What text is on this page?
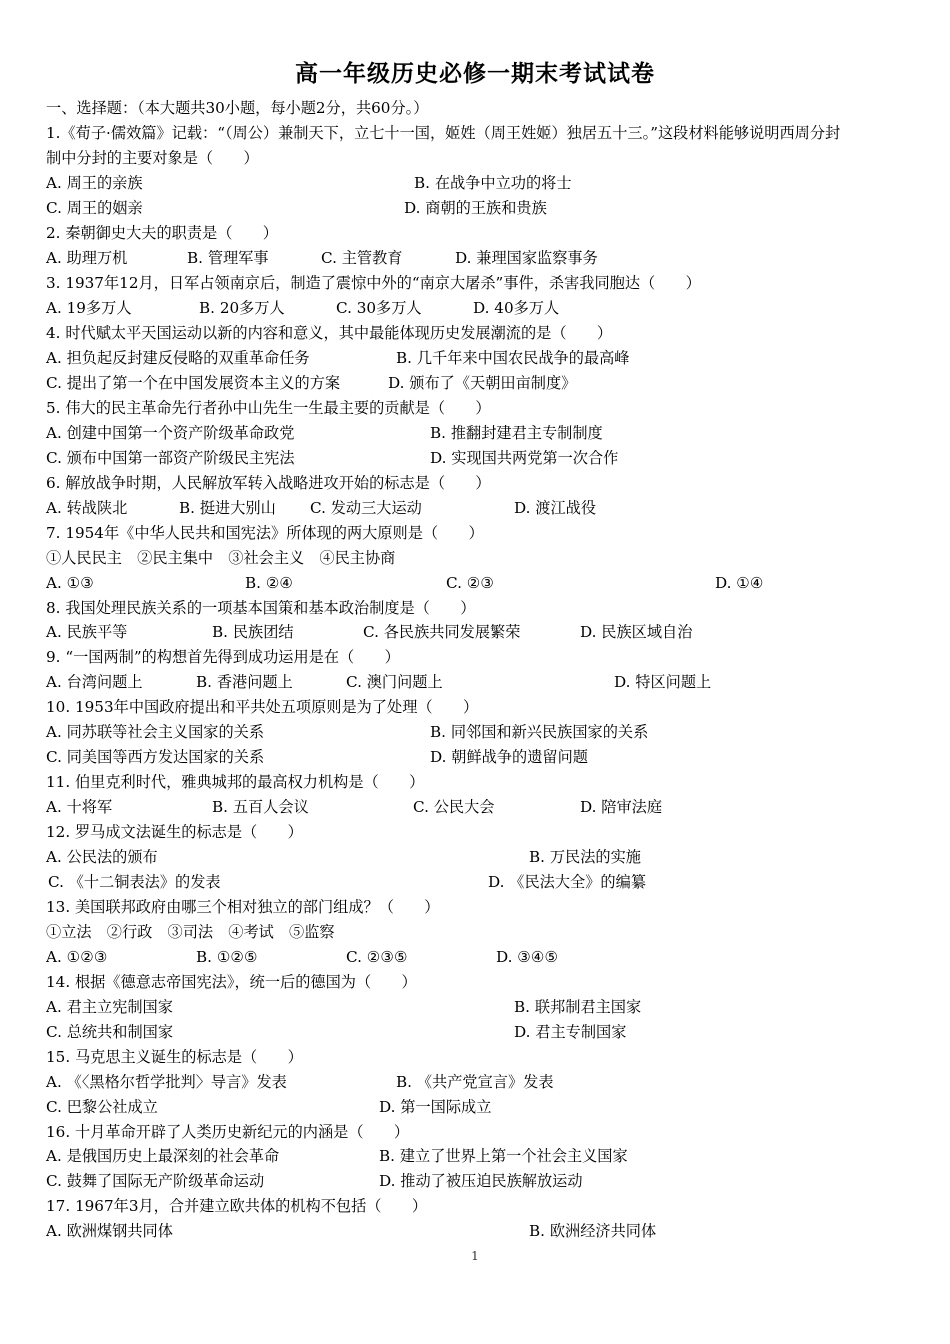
高一年级历史必修一期末考试试卷
一、选择题：（本大题共30小题，每小题2分，共60分。）
1.《荀子·儒效篇》记载：“（周公）兼制天下，立七十一国，姬姓（周王姓姬）独居五十三。”这段材料能够说明西周分封
制中分封的主要对象是（　　）
A. 周王的亲族	B. 在战争中立功的将士
C. 周王的姻亲	D. 商朝的王族和贵族
2. 秦朝御史大夫的职责是（　　）
A. 助理万机	B. 管理军事	C. 主管教育	D. 兼理国家监察事务
3. 1937年12月，日军占领南京后，制造了震惊中外的“南京大屠杀”事件，杀害我同胞达（　　）
A. 19多万人	B. 20多万人	C. 30多万人	D. 40多万人
4. 时代赋太平天国运动以新的内容和意义，其中最能体现历史发展潮流的是（　　）
A. 担负起反封建反侵略的双重革命任务	B. 几千年来中国农民战争的最高峰
C. 提出了第一个在中国发展资本主义的方案	D. 颁布了《天朝田亩制度》
5. 伟大的民主革命先行者孙中山先生一生最主要的贡献是（　　）
A. 创建中国第一个资产阶级革命政党	B. 推翻封建君主专制制度
C. 颁布中国第一部资产阶级民主宪法	D. 实现国共两党第一次合作
6. 解放战争时期，人民解放军转入战略进攻开始的标志是（　　）
A. 转战陕北	B. 挺进大别山 C. 发动三大运动	D. 渡江战役
7. 1954年《中华人民共和国宪法》所体现的两大原则是（　　）
①人民民主　②民主集中　③社会主义　④民主协商
A. ①③	B. ②④	C. ②③	D. ①④
8. 我国处理民族关系的一项基本国策和基本政治制度是（　　）
A. 民族平等	B. 民族团结	C. 各民族共同发展繁荣	D. 民族区域自治
9. “一国两制”的构想首先得到成功运用是在（　　）
A. 台湾问题上	B. 香港问题上	C. 澳门问题上	D. 特区问题上
10. 1953年中国政府提出和平共处五项原则是为了处理（　　）
A. 同苏联等社会主义国家的关系	B. 同邻国和新兴民族国家的关系
C. 同美国等西方发达国家的关系	D. 朝鲜战争的遗留问题
11. 伯里克利时代，雅典城邦的最高权力机构是（　　）
A. 十将军	B. 五百人会议	C. 公民大会	D. 陪审法庭
12. 罗马成文法诞生的标志是（　　）
A. 公民法的颁布	B. 万民法的实施
C. 《十二铜表法》的发表	D. 《民法大全》的编纂
13. 美国联邦政府由哪三个相对独立的部门组成？（　　）
①立法　②行政　③司法　④考试　⑤监察
A. ①②③	B. ①②⑤	C. ②③⑤	D. ③④⑤
14. 根据《德意志帝国宪法》，统一后的德国为（　　）
A. 君主立宪制国家	B. 联邦制君主国家
C. 总统共和制国家	D. 君主专制国家
15. 马克思主义诞生的标志是（　　）
A. 《〈黑格尔哲学批判〉导言》发表	B. 《共产党宣言》发表
C. 巴黎公社成立	D. 第一国际成立
16. 十月革命开辟了人类历史新纪元的内涵是（　　）
A. 是俄国历史上最深刻的社会革命	B. 建立了世界上第一个社会主义国家
C. 鼓舞了国际无产阶级革命运动	D. 推动了被压迫民族解放运动
17. 1967年3月，合并建立欧共体的机构不包括（　　）
A. 欧洲煤钢共同体	B. 欧洲经济共同体
1
